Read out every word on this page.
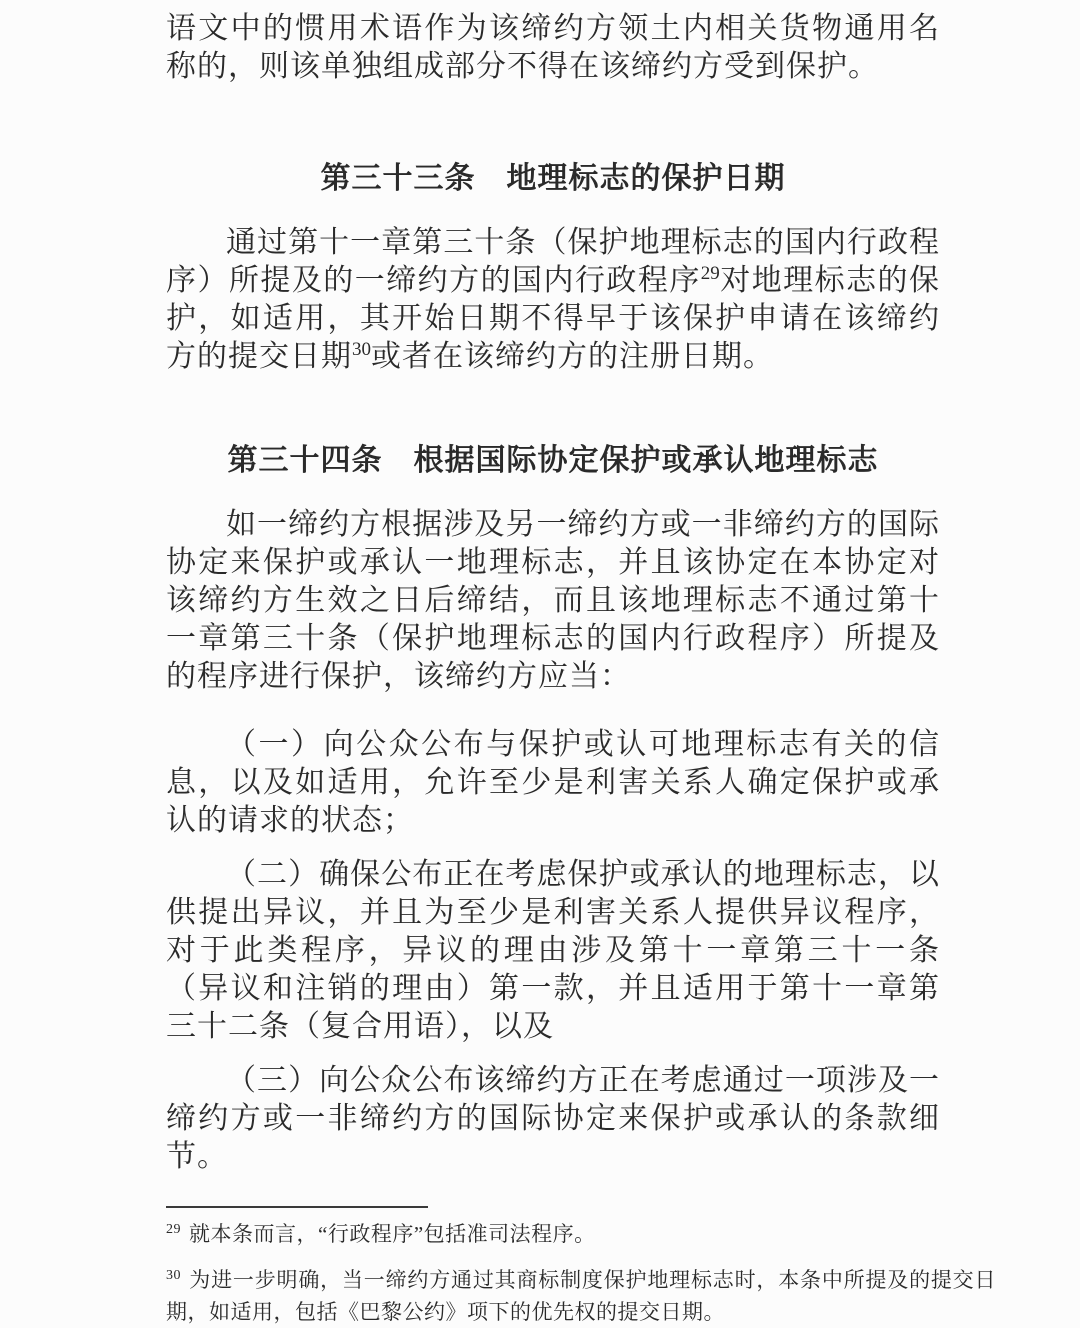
语文中的惯用术语作为该缔约方领土内相关货物通用名称的，则该单独组成部分不得在该缔约方受到保护。

第三十三条　地理标志的保护日期

通过第十一章第三十条（保护地理标志的国内行政程序）所提及的一缔约方的国内行政程序$^{29}$对地理标志的保护，如适用，其开始日期不得早于该保护申请在该缔约方的提交日期$^{30}$或者在该缔约方的注册日期。

第三十四条　根据国际协定保护或承认地理标志

如一缔约方根据涉及另一缔约方或一非缔约方的国际协定来保护或承认一地理标志，并且该协定在本协定对该缔约方生效之日后缔结，而且该地理标志不通过第十一章第三十条（保护地理标志的国内行政程序）所提及的程序进行保护，该缔约方应当：

（一）向公众公布与保护或认可地理标志有关的信息，以及如适用，允许至少是利害关系人确定保护或承认的请求的状态；

（二）确保公布正在考虑保护或承认的地理标志，以供提出异议，并且为至少是利害关系人提供异议程序，对于此类程序，异议的理由涉及第十一章第三十一条（异议和注销的理由）第一款，并且适用于第十一章第三十二条（复合用语），以及

（三）向公众公布该缔约方正在考虑通过一项涉及一缔约方或一非缔约方的国际协定来保护或承认的条款细节。

$^{29}$ 就本条而言，“行政程序”包括准司法程序。

$^{30}$ 为进一步明确，当一缔约方通过其商标制度保护地理标志时，本条中所提及的提交日期，如适用，包括《巴黎公约》项下的优先权的提交日期。
